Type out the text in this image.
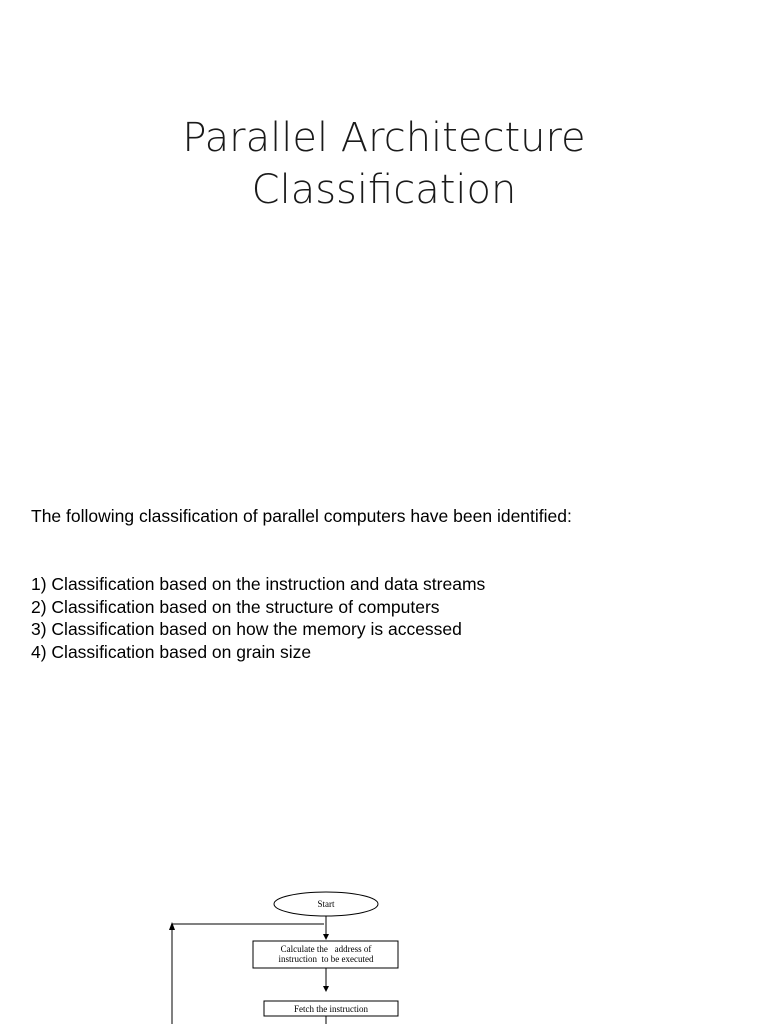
Parallel Architecture
Classification
The following classification of parallel computers have been identified:
1) Classification based on the instruction and data streams
2) Classification based on the structure of computers
3) Classification based on how the memory is accessed
4) Classification based on grain size
Start
Calculate the   address of
instruction  to be executed
Fetch the instruction
